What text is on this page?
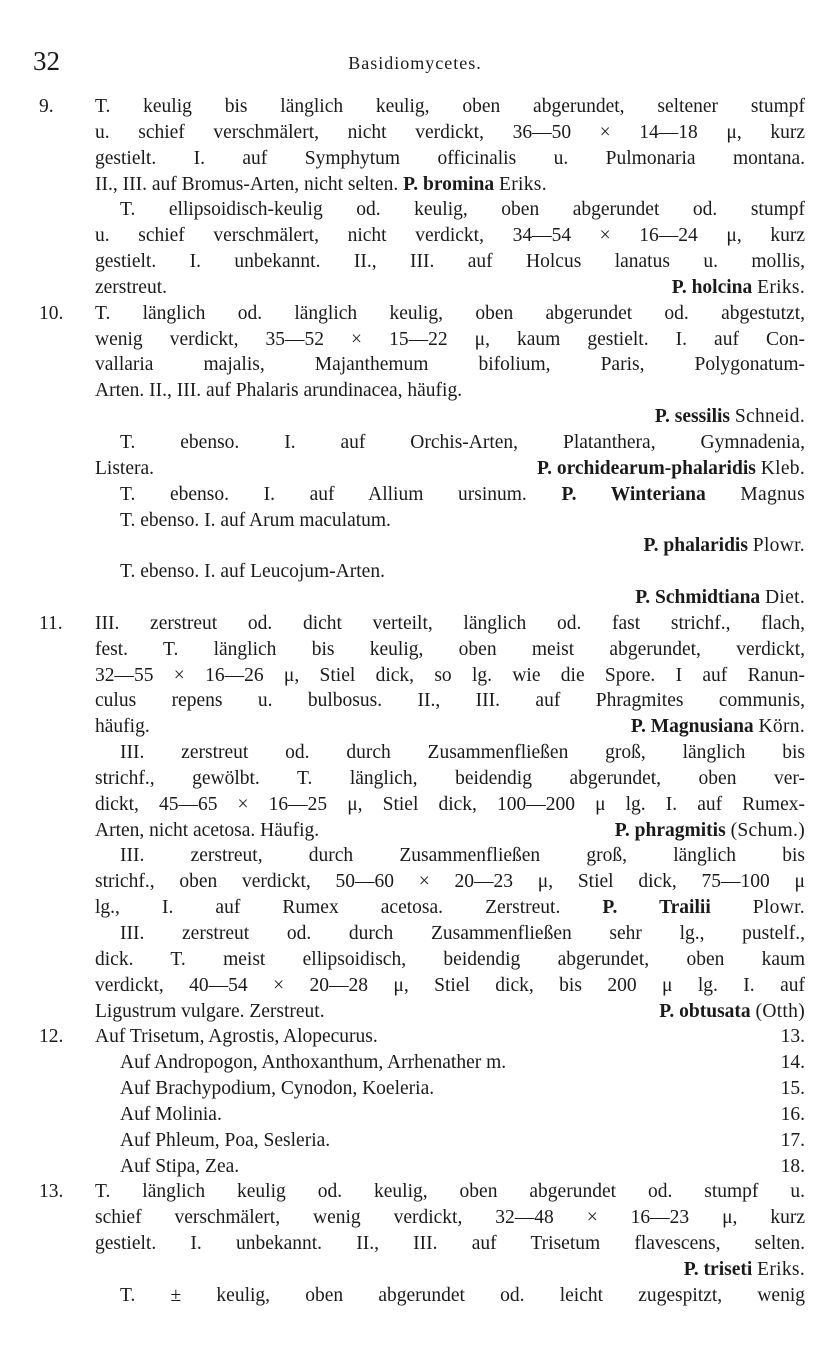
32	Basidiomycetes.
9.	T. keulig bis länglich keulig, oben abgerundet, seltener stumpf
u. schief verschmälert, nicht verdickt, 36—50 × 14—18 μ, kurz
gestielt. I. auf Symphytum officinalis u. Pulmonaria montana.
II., III. auf Bromus-Arten, nicht selten. P. bromina Eriks.
T. ellipsoidisch-keulig od. keulig, oben abgerundet od. stumpf
u. schief verschmälert, nicht verdickt, 34—54 × 16—24 μ, kurz
gestielt. I. unbekannt. II., III. auf Holcus lanatus u. mollis,
zerstreut.	P. holcina Eriks.
10.	T. länglich od. länglich keulig, oben abgerundet od. abgestutzt,
wenig verdickt, 35—52 × 15—22 μ, kaum gestielt. I. auf Con-
vallaria majalis, Majanthemum bifolium, Paris, Polygonatum-
Arten. II., III. auf Phalaris arundinacea, häufig.
P. sessilis Schneid.
T. ebenso. I. auf Orchis-Arten, Platanthera, Gymnadenia,
Listera.	P. orchidearum-phalaridis Kleb.
T. ebenso. I. auf Allium ursinum. P. Winteriana Magnus
T. ebenso. I. auf Arum maculatum.
P. phalaridis Plowr.
T. ebenso. I. auf Leucojum-Arten.
P. Schmidtiana Diet.
11.	III. zerstreut od. dicht verteilt, länglich od. fast strichf., flach,
fest. T. länglich bis keulig, oben meist abgerundet, verdickt,
32—55 × 16—26 μ, Stiel dick, so lg. wie die Spore. I auf Ranun-
culus repens u. bulbosus. II., III. auf Phragmites communis,
häufig.	P. Magnusiana Körn.
III. zerstreut od. durch Zusammenfließen groß, länglich bis
strichf., gewölbt. T. länglich, beidendig abgerundet, oben ver-
dickt, 45—65 × 16—25 μ, Stiel dick, 100—200 μ lg. I. auf Rumex-
Arten, nicht acetosa. Häufig.	P. phragmitis (Schum.)
III. zerstreut, durch Zusammenfließen groß, länglich bis
strichf., oben verdickt, 50—60 × 20—23 μ, Stiel dick, 75—100 μ
lg., I. auf Rumex acetosa. Zerstreut. P. Trailii Plowr.
III. zerstreut od. durch Zusammenfließen sehr lg., pustelf.,
dick. T. meist ellipsoidisch, beidendig abgerundet, oben kaum
verdickt, 40—54 × 20—28 μ, Stiel dick, bis 200 μ lg. I. auf
Ligustrum vulgare. Zerstreut.	P. obtusata (Otth)
12.	Auf Trisetum, Agrostis, Alopecurus.	13.
Auf Andropogon, Anthoxanthum, Arrhenather m.	14.
Auf Brachypodium, Cynodon, Koeleria.	15.
Auf Molinia.	16.
Auf Phleum, Poa, Sesleria.	17.
Auf Stipa, Zea.	18.
13.	T. länglich keulig od. keulig, oben abgerundet od. stumpf u.
schief verschmälert, wenig verdickt, 32—48 × 16—23 μ, kurz
gestielt. I. unbekannt. II., III. auf Trisetum flavescens, selten.
P. triseti Eriks.
T. ± keulig, oben abgerundet od. leicht zugespitzt, wenig
